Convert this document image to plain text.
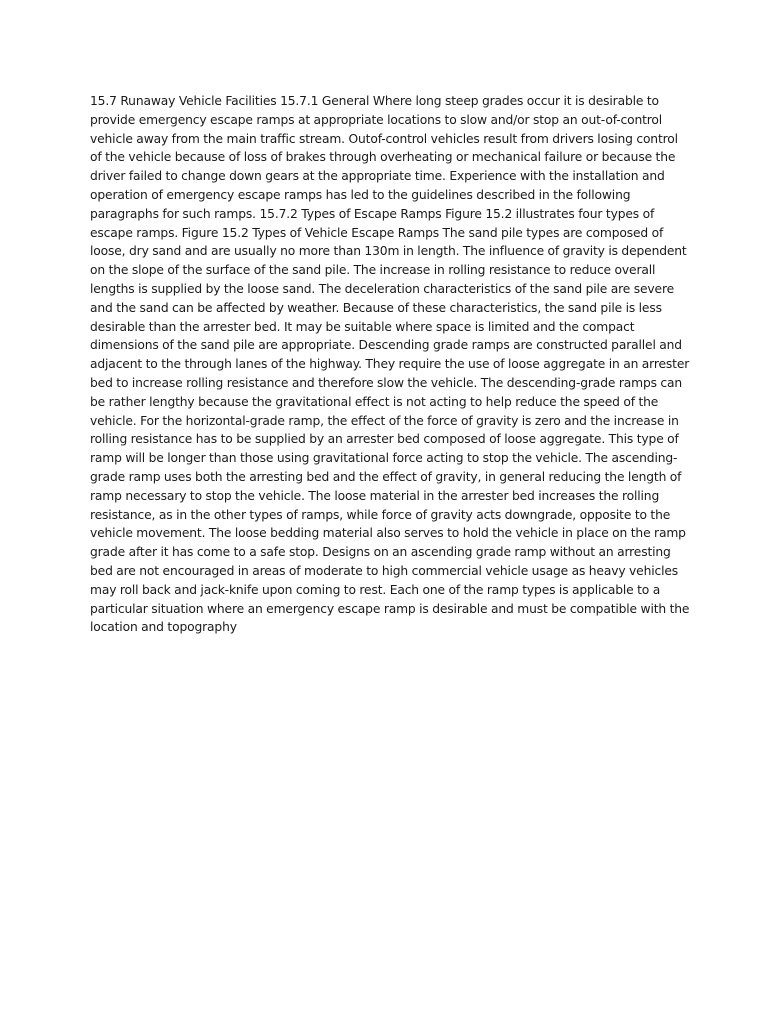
15.7 Runaway Vehicle Facilities 15.7.1 General Where long steep grades occur it is desirable to provide emergency escape ramps at appropriate locations to slow and/or stop an out-of-control vehicle away from the main traffic stream. Outof-control vehicles result from drivers losing control of the vehicle because of loss of brakes through overheating or mechanical failure or because the driver failed to change down gears at the appropriate time. Experience with the installation and operation of emergency escape ramps has led to the guidelines described in the following paragraphs for such ramps. 15.7.2 Types of Escape Ramps Figure 15.2 illustrates four types of escape ramps. Figure 15.2 Types of Vehicle Escape Ramps The sand pile types are composed of loose, dry sand and are usually no more than 130m in length. The influence of gravity is dependent on the slope of the surface of the sand pile. The increase in rolling resistance to reduce overall lengths is supplied by the loose sand. The deceleration characteristics of the sand pile are severe and the sand can be affected by weather. Because of these characteristics, the sand pile is less desirable than the arrester bed. It may be suitable where space is limited and the compact dimensions of the sand pile are appropriate. Descending grade ramps are constructed parallel and adjacent to the through lanes of the highway. They require the use of loose aggregate in an arrester bed to increase rolling resistance and therefore slow the vehicle. The descending-grade ramps can be rather lengthy because the gravitational effect is not acting to help reduce the speed of the vehicle. For the horizontal-grade ramp, the effect of the force of gravity is zero and the increase in rolling resistance has to be supplied by an arrester bed composed of loose aggregate. This type of ramp will be longer than those using gravitational force acting to stop the vehicle. The ascending-grade ramp uses both the arresting bed and the effect of gravity, in general reducing the length of ramp necessary to stop the vehicle. The loose material in the arrester bed increases the rolling resistance, as in the other types of ramps, while force of gravity acts downgrade, opposite to the vehicle movement. The loose bedding material also serves to hold the vehicle in place on the ramp grade after it has come to a safe stop. Designs on an ascending grade ramp without an arresting bed are not encouraged in areas of moderate to high commercial vehicle usage as heavy vehicles may roll back and jack-knife upon coming to rest. Each one of the ramp types is applicable to a particular situation where an emergency escape ramp is desirable and must be compatible with the location and topography
